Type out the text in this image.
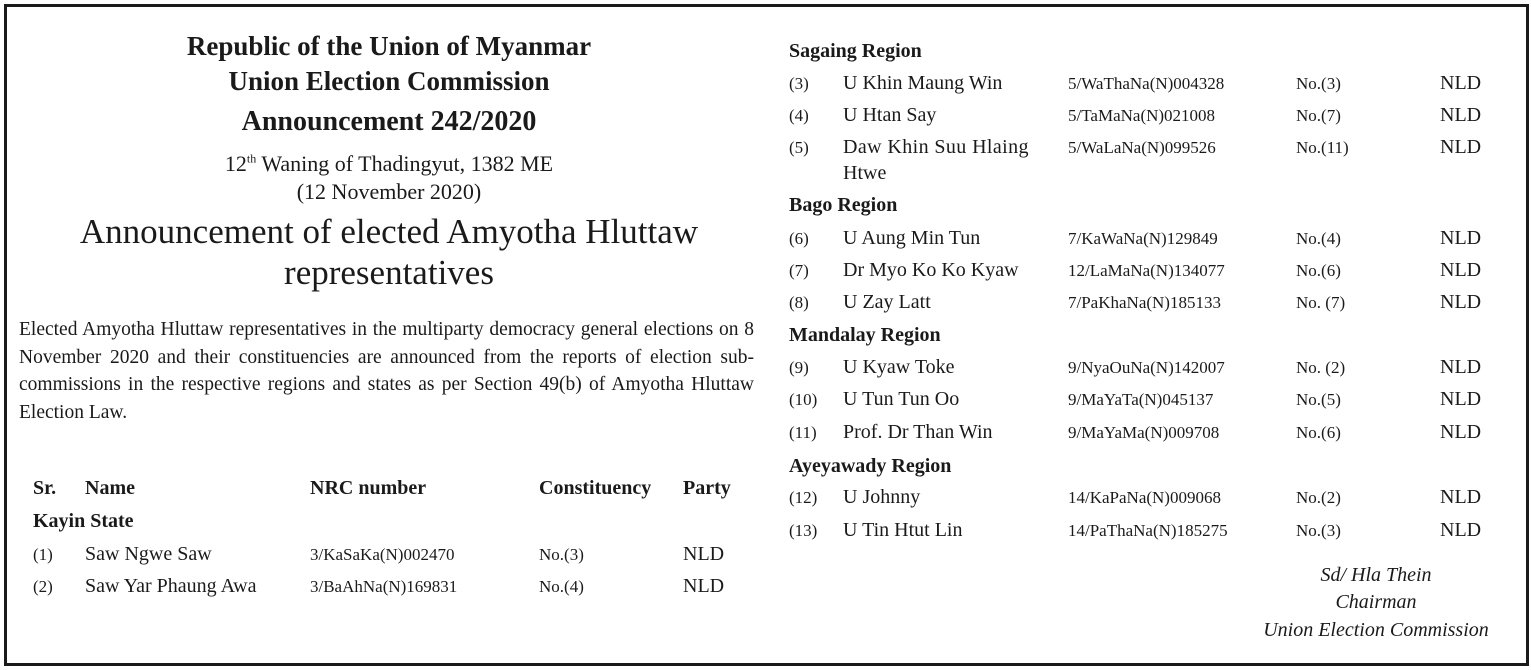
Republic of the Union of Myanmar
Union Election Commission
Announcement 242/2020
12th Waning of Thadingyut, 1382 ME
(12 November 2020)
Announcement of elected Amyotha Hluttaw
representatives
Elected Amyotha Hluttaw representatives in the multiparty democracy general elections on 8 November 2020 and their constituencies are announced from the reports of election sub-commissions in the respective regions and states as per Section 49(b) of Amyotha Hluttaw Election Law.
Sr. Name	NRC number	Constituency Party
Kayin State
(1) Saw Ngwe Saw	3/KaSaKa(N)002470	No.(3)	NLD
(2) Saw Yar Phaung Awa	3/BaAhNa(N)169831	No.(4)	NLD
Sagaing Region
(3) U Khin Maung Win	5/WaThaNa(N)004328	No.(3)	NLD
(4) U Htan Say	5/TaMaNa(N)021008	No.(7)	NLD
(5) Daw Khin Suu Hlaing
Htwe
5/WaLaNa(N)099526	No.(11)	NLD
Bago Region
(6) U Aung Min Tun	7/KaWaNa(N)129849	No.(4)	NLD
(7) Dr Myo Ko Ko Kyaw	12/LaMaNa(N)134077	No.(6)	NLD
(8) U Zay Latt	7/PaKhaNa(N)185133	No. (7)	NLD
Mandalay Region
(9) U Kyaw Toke	9/NyaOuNa(N)142007	No. (2)	NLD
(10) U Tun Tun Oo	9/MaYaTa(N)045137	No.(5)	NLD
(11) Prof. Dr Than Win	9/MaYaMa(N)009708	No.(6)	NLD
Ayeyawady Region
(12) U Johnny	14/KaPaNa(N)009068	No.(2)	NLD
(13) U Tin Htut Lin	14/PaThaNa(N)185275	No.(3)	NLD
Sd/ Hla Thein
Chairman
Union Election Commission
